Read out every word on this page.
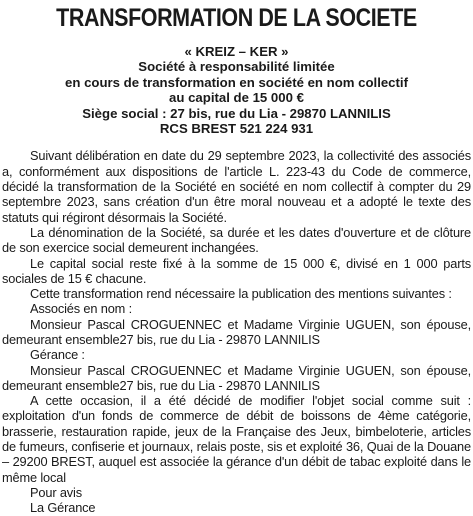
TRANSFORMATION DE LA SOCIETE
« KREIZ – KER »
Société à responsabilité limitée
en cours de transformation en société en nom collectif
au capital de 15 000 €
Siège social : 27 bis, rue du Lia - 29870 LANNILIS
RCS BREST 521 224 931

Suivant délibération en date du 29 septembre 2023, la collectivité des associés a, conformément aux dispositions de l'article L. 223-43 du Code de commerce, décidé la transformation de la Société en société en nom collectif à compter du 29 septembre 2023, sans création d'un être moral nouveau et a adopté le texte des statuts qui régiront désormais la Société.

La dénomination de la Société, sa durée et les dates d'ouverture et de clôture de son exercice social demeurent inchangées.

Le capital social reste fixé à la somme de 15 000 €, divisé en 1 000 parts sociales de 15 € chacune.

Cette transformation rend nécessaire la publication des mentions suivantes :

Associés en nom :

Monsieur Pascal CROGUENNEC et Madame Virginie UGUEN, son épouse, demeurant ensemble27 bis, rue du Lia - 29870 LANNILIS

Gérance :

Monsieur Pascal CROGUENNEC et Madame Virginie UGUEN, son épouse, demeurant ensemble27 bis, rue du Lia - 29870 LANNILIS

A cette occasion, il a été décidé de modifier l'objet social comme suit : exploitation d'un fonds de commerce de débit de boissons de 4ème catégorie, brasserie, restauration rapide, jeux de la Française des Jeux, bimbeloterie, articles de fumeurs, confiserie et journaux, relais poste, sis et exploité 36, Quai de la Douane – 29200 BREST, auquel est associée la gérance d'un débit de tabac exploité dans le même local

Pour avis

La Gérance
